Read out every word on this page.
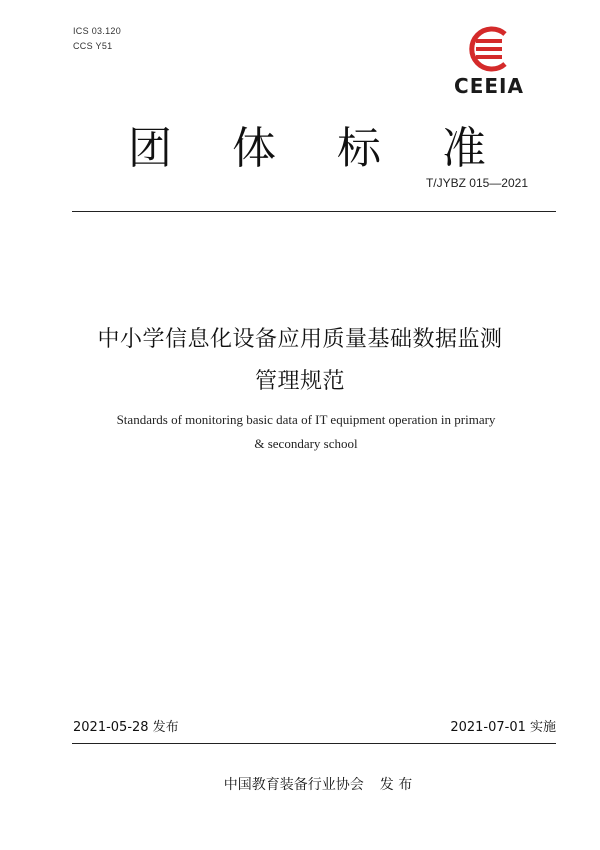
ICS 03.120
CCS Y51
CEEIA
团 体 标 准
T/JYBZ 015—2021
中小学信息化设备应用质量基础数据监测
管理规范
Standards of monitoring basic data of IT equipment operation in primary
& secondary school
2021-05-28 发布	2021-07-01 实施
中国教育装备行业协会 发 布
